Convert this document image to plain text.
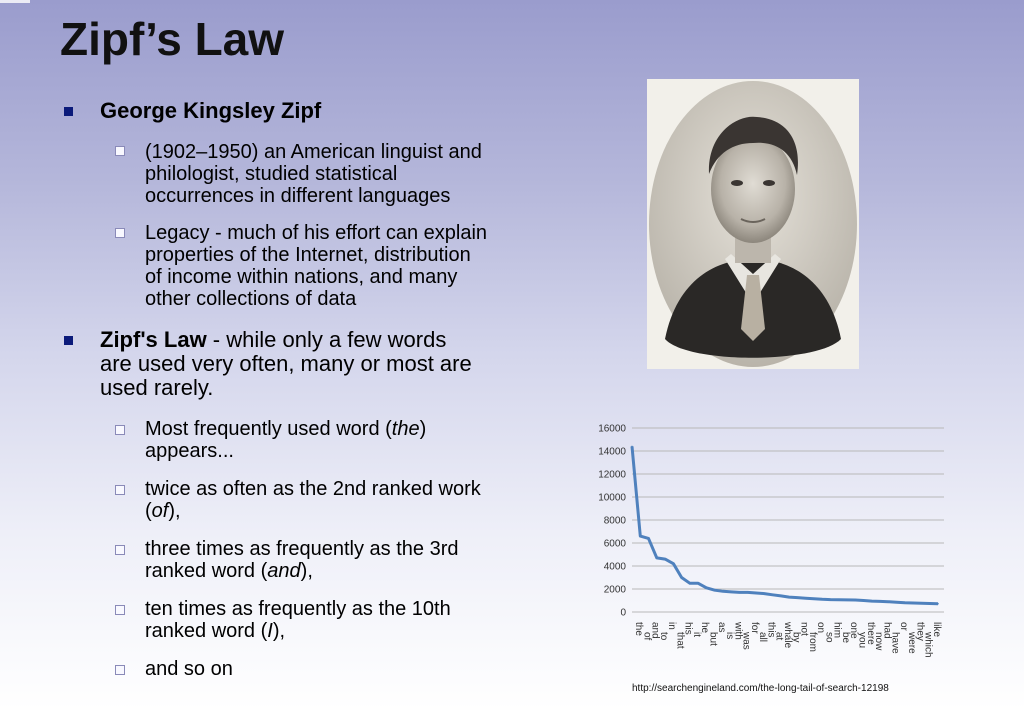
Zipf’s Law
George Kingsley Zipf
(1902–1950) an American linguist and
philologist, studied statistical
occurrences in different languages
Legacy - much of his effort can explain
properties of the Internet, distribution
of income within nations, and many
other collections of data
Zipf's Law - while only a few words
are used very often, many or most are
used rarely.
Most frequently used word (the)
appears...
twice as often as the 2nd ranked work
(of),
three times as frequently as the 3rd
ranked word (and),
ten times as frequently as the 10th
ranked word (I),
and so on
0
2000
4000
6000
8000
10000
12000
14000
16000
the
of
and
to
in
that
his
it
he
but
as
is
with
was
for
all
this
at
whale
by
not
from
on
so
him
be
one
you
there
now
had
have
or
were
they
which
like
http://searchengineland.com/the-long-tail-of-search-12198
